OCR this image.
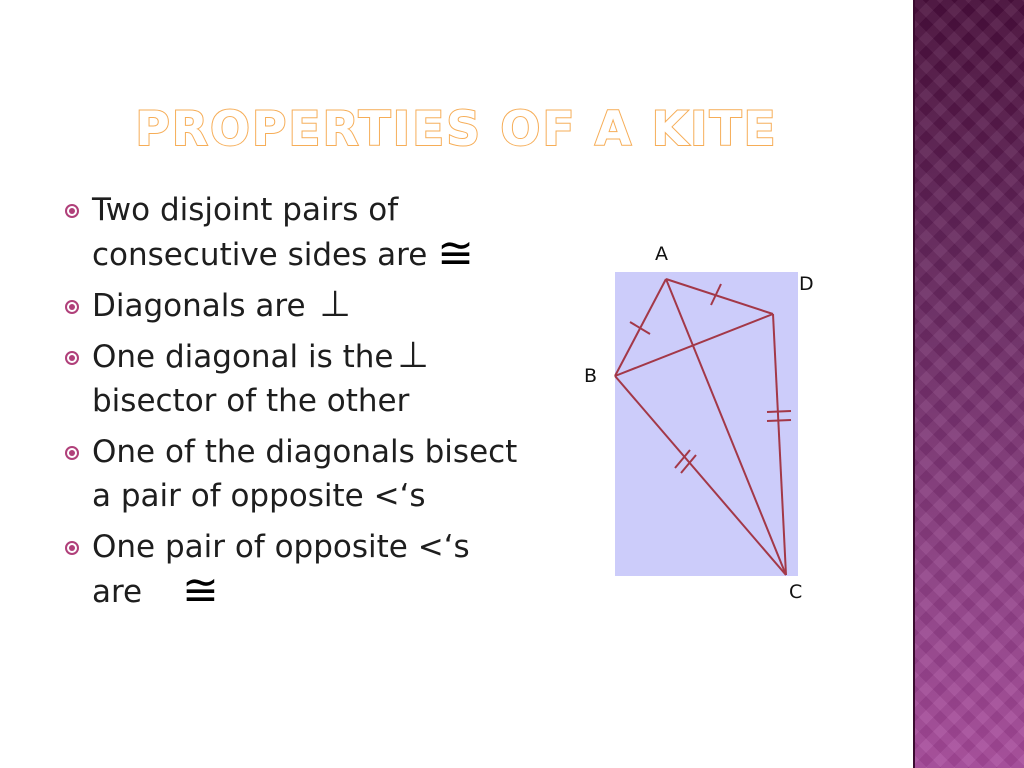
PROPERTIES OF A KITE
Two disjoint pairs of consecutive sides are ≅
Diagonals are ⊥
One diagonal is the ⊥ bisector of the other
One of the diagonals bisect a pair of opposite <‘s
One pair of opposite <‘s are ≅
A
D
B
C
